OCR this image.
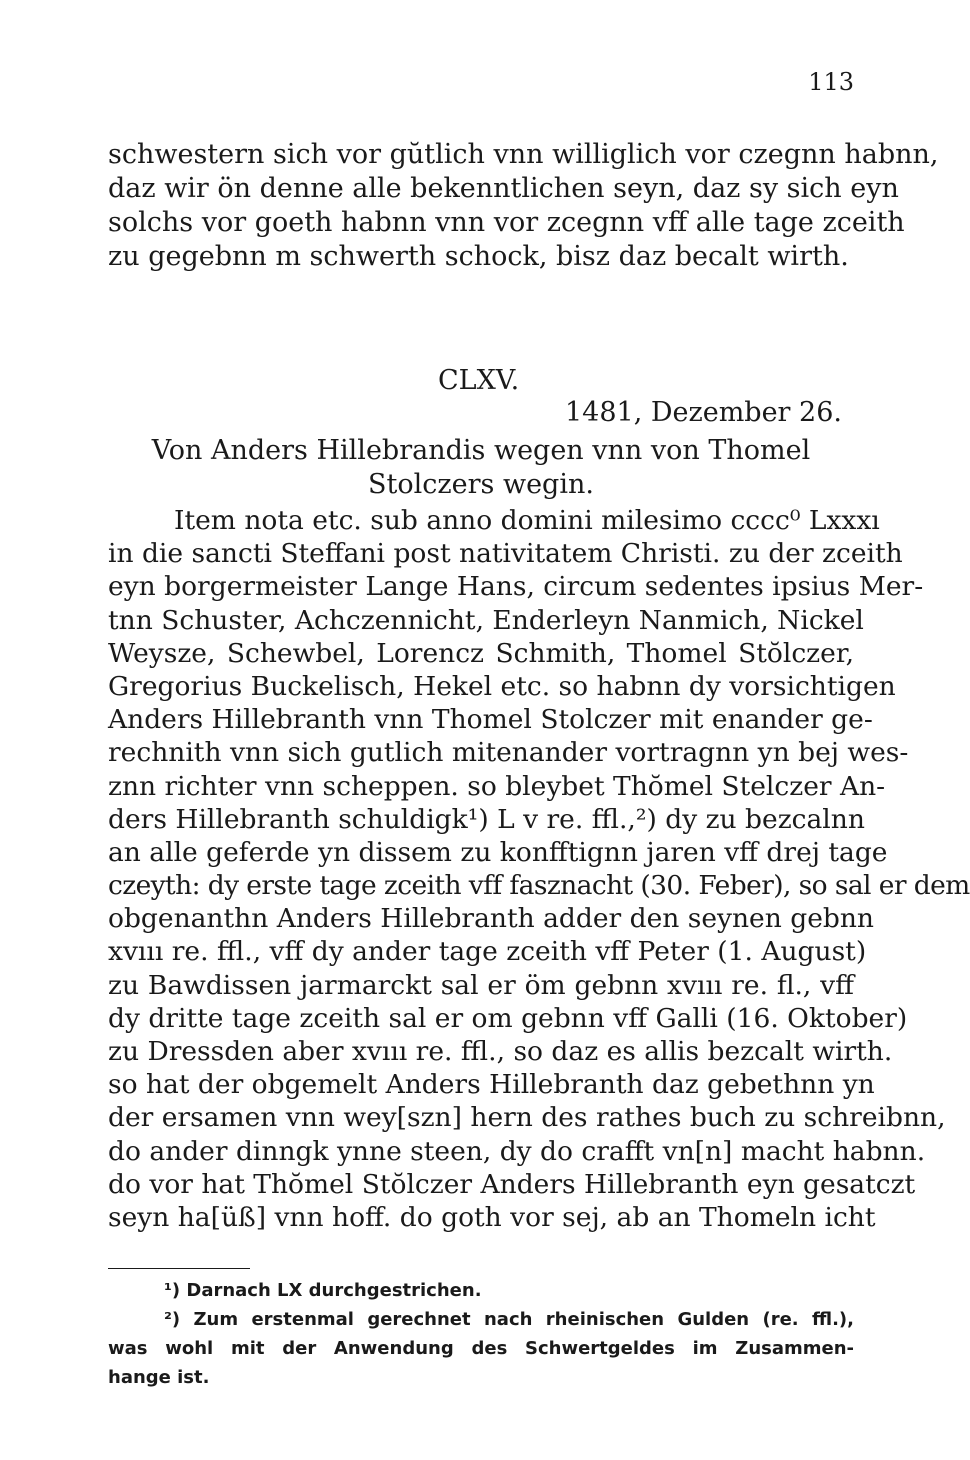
113
schwestern sich vor gŭtlich vnn williglich vor czegnn habnn,
daz wir ön denne alle bekenntlichen seyn, daz sy sich eyn
solchs vor goeth habnn vnn vor zcegnn vff alle tage zceith
zu gegebnn m schwerth schock, bisz daz becalt wirth.
CLXV.
1481, Dezember 26.
Von Anders Hillebrandis wegen vnn von Thomel
Stolczers wegin.
Item nota etc. sub anno domini milesimo cccc⁰ Lxxxı
in die sancti Steffani post nativitatem Christi. zu der zceith
eyn borgermeister Lange Hans, circum sedentes ipsius Mer-
tnn Schuster, Achczennicht, Enderleyn Nanmich, Nickel
Weysze, Schewbel, Lorencz Schmith, Thomel Stŏlczer,
Gregorius Buckelisch, Hekel etc. so habnn dy vorsichtigen
Anders Hillebranth vnn Thomel Stolczer mit enander ge-
rechnith vnn sich gutlich mitenander vortragnn yn bej wes-
znn richter vnn scheppen. so bleybet Thŏmel Stelczer An-
ders Hillebranth schuldigk¹) L v re. ffl.,²) dy zu bezcalnn
an alle geferde yn dissem zu konfftignn jaren vff drej tage
czeyth: dy erste tage zceith vff fasznacht (30. Feber), so sal er dem
obgenanthn Anders Hillebranth adder den seynen gebnn
xvııı re. ffl., vff dy ander tage zceith vff Peter (1. August)
zu Bawdissen jarmarckt sal er öm gebnn xvııı re. fl., vff
dy dritte tage zceith sal er om gebnn vff Galli (16. Oktober)
zu Dressden aber xvııı re. ffl., so daz es allis bezcalt wirth.
so hat der obgemelt Anders Hillebranth daz gebethnn yn
der ersamen vnn wey[szn] hern des rathes buch zu schreibnn,
do ander dinngk ynne steen, dy do crafft vn[n] macht habnn.
do vor hat Thŏmel Stŏlczer Anders Hillebranth eyn gesatczt
seyn ha[üß] vnn hoff. do goth vor sej, ab an Thomeln icht
¹) Darnach LX durchgestrichen.
²) Zum erstenmal gerechnet nach rheinischen Gulden (re. ffl.),
was wohl mit der Anwendung des Schwertgeldes im Zusammen-
hange ist.
